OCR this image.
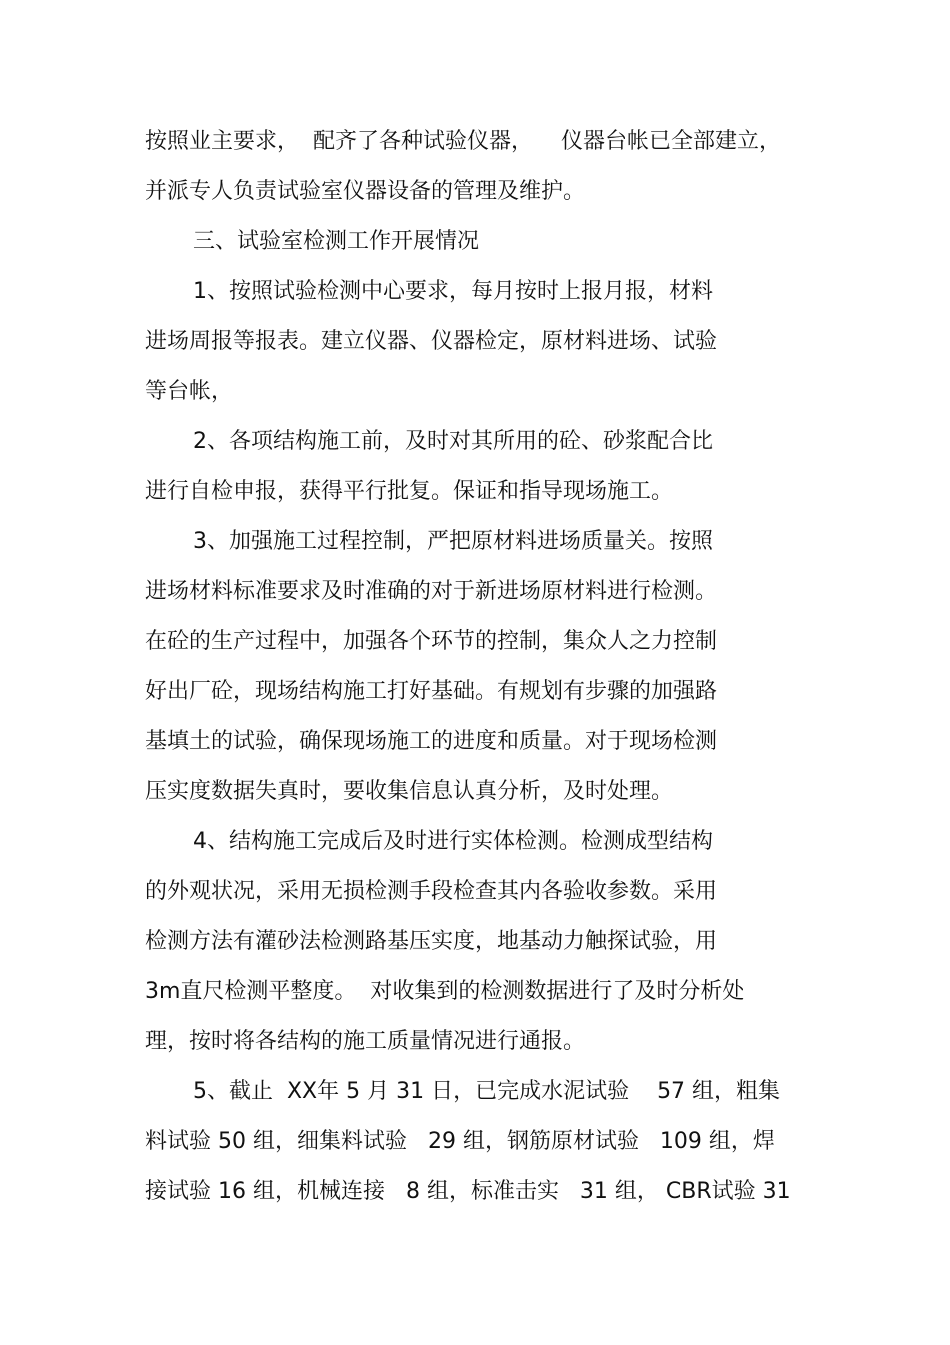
按照业主要求，  配齐了各种试验仪器，    仪器台帐已全部建立，

并派专人负责试验室仪器设备的管理及维护。

三、试验室检测工作开展情况

1、按照试验检测中心要求，每月按时上报月报，材料

进场周报等报表。建立仪器、仪器检定，原材料进场、试验

等台帐，

2、各项结构施工前，及时对其所用的砼、砂浆配合比

进行自检申报，获得平行批复。保证和指导现场施工。

3、加强施工过程控制，严把原材料进场质量关。按照

进场材料标准要求及时准确的对于新进场原材料进行检测。

在砼的生产过程中，加强各个环节的控制，集众人之力控制

好出厂砼，现场结构施工打好基础。有规划有步骤的加强路

基填土的试验，确保现场施工的进度和质量。对于现场检测

压实度数据失真时，要收集信息认真分析，及时处理。

4、结构施工完成后及时进行实体检测。检测成型结构

的外观状况，采用无损检测手段检查其内各验收参数。采用

检测方法有灌砂法检测路基压实度，地基动力触探试验，用

3m直尺检测平整度。  对收集到的检测数据进行了及时分析处

理，按时将各结构的施工质量情况进行通报。

5、截止  XX年 5 月 31 日，已完成水泥试验    57 组，粗集

料试验 50 组，细集料试验   29 组，钢筋原材试验   109 组，焊

接试验 16 组，机械连接   8 组，标准击实   31 组， CBR试验 31
